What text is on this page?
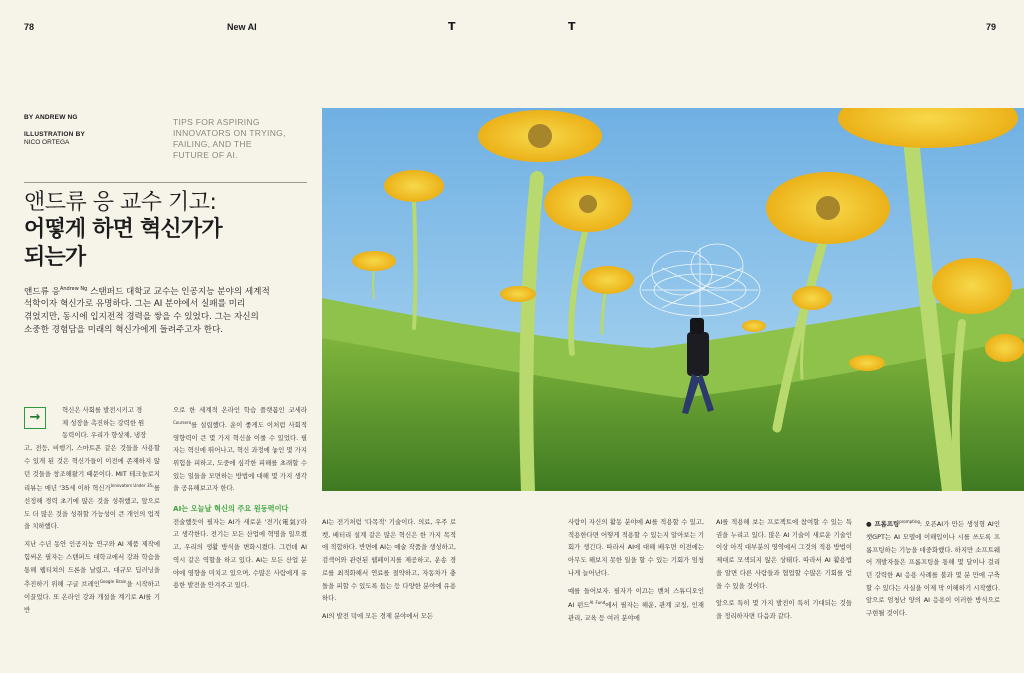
78	New AI	T	T	79
BY ANDREW NG
ILLUSTRATION BY
NICO ORTEGA
TIPS FOR ASPIRING
INNOVATORS ON TRYING,
FAILING, AND THE
FUTURE OF AI.
앤드류 응 교수 기고:
어떻게 하면 혁신가가
되는가
앤드류 응$^{Andrew Ng}$ 스탠퍼드 대학교 교수는 인공지능 분야의 세계적
석학이자 혁신가로 유명하다. 그는 AI 분야에서 실패를 미리
겪었지만, 동시에 입지전적 경력을 쌓을 수 있었다. 그는 자신의
소중한 경험담을 미래의 혁신가에게 들려주고자 한다.
→	혁신은 사회를 발전시키고 경
제 성장을 촉진하는 강력한 원
동력이다. 우리가 향상제, 냉장

고, 전등, 비행기, 스마트폰 같은 것들을 사용할 수 있게 된 것은 혁신가들이 이전에 존재하지 않던 것들을 창조해왔기 때문이다. MIT 테크놀로지 리뷰는 매년 '35세 이하 혁신가$^{Innovators Under 35}$'를 선정해 경력 초기에 많은 것을 성취했고, 앞으로도 더 많은 것을 성취할 가능성이 큰 개인의 업적을 치하했다.

지난 수년 동안 인공지능 연구와 AI 제품 제작에 힘써온 필자는 스탠퍼드 대학교에서 강좌 학습을 통해 웹티쳐의 드론을 날렸고, 대규모 딥러닝을 추진하기 위해 구글 브레인$^{Google Brain}$을 시작하고 이끌었다. 또 온라인 강좌 개설을 계기로 AI를 기반

으로 한 세계적 온라인 학습 플랫폼인 코세라$^{Coursera}$를 설립했다. 운이 좋게도 이처럼 사회적 영향력이 큰 몇 가지 혁신을 이룰 수 있었다. 필자는 혁신에 뛰어나고, 혁신 과정에 놓인 몇 가지 위험을 피하고, 도중에 심각한 피해를 초래할 수 있는 일들을 모면하는 방법에 대해 몇 가지 생각을 공유해보고자 한다.

AI는 오늘날 혁신의 주요 원동력이다

전술했듯이 필자는 AI가 새로운 '전기(電氣)'라고 생각한다. 전기는 모든 산업에 혁명을 일으켰고, 우리의 생활 방식을 변화시켰다. 그런데 AI 역시 같은 역할을 하고 있다. AI는 모든 산업 분야에 영향을 미치고 있으며, 수많은 사람에게 유용한 발전을 안겨주고 있다.

AI는 전기처럼 '다목적' 기술이다. 의료, 우주 로켓, 배터리 설계 같은 많은 혁신은 한 가지 목적에 적합하다. 반면에 AI는 예술 작품을 생성하고, 검색어와 관련된 웹페이지를 제공하고, 운송 경로를 최적화해서 연료를 절약하고, 자동차가 충돌을 피할 수 있도록 돕는 등 다양한 분야에 유용하다.

AI의 발전 덕에 모든 경제 분야에서 모든

사람이 자신의 활동 분야에 AI를 적용할 수 있고, 적용한다면 어떻게 적용할 수 있는지 알아보는 기회가 생긴다. 따라서 AI에 대해 배우면 이전에는 아무도 해보지 못한 일을 할 수 있는 기회가 엄청나게 늘어난다.

예를 들어보자. 필자가 이끄는 벤처 스튜디오인 AI 펀드$^{AI Fund}$에서 필자는 해운, 관계 코칭, 인재 관리, 교육 등 여러 분야에

AI를 적용해 보는 프로젝트에 참여할 수 있는 특권을 누리고 있다. 많은 AI 기술이 새로운 기술인 이상 아직 대부분의 영역에서 그것의 적용 방법이 제대로 모색되지 않은 상태다. 따라서 AI 활용법을 알면 다른 사람들과 협업할 수많은 기회를 얻을 수 있을 것이다.

앞으로 특히 몇 가지 발전이 특히 기대되는 것들을 정리하자면 다음과 같다.

● 프롬프팅$^{prompting}$: 오픈AI가 만든 생성형 AI인 챗GPT는 AI 모델에 이해입이나 시를 쓰도록 프롬프팅하는 기능을 대중화했다. 하지만 소프트웨어 개발자들은 프롬프팅을 통해 몇 달이나 걸리던 강력한 AI 응용 사례를 불과 몇 분 만에 구축할 수 있다는 사실을 이제 막 이해하기 시작했다. 앞으로 엄청난 양의 AI 응용이 이러한 방식으로 구현될 것이다.
